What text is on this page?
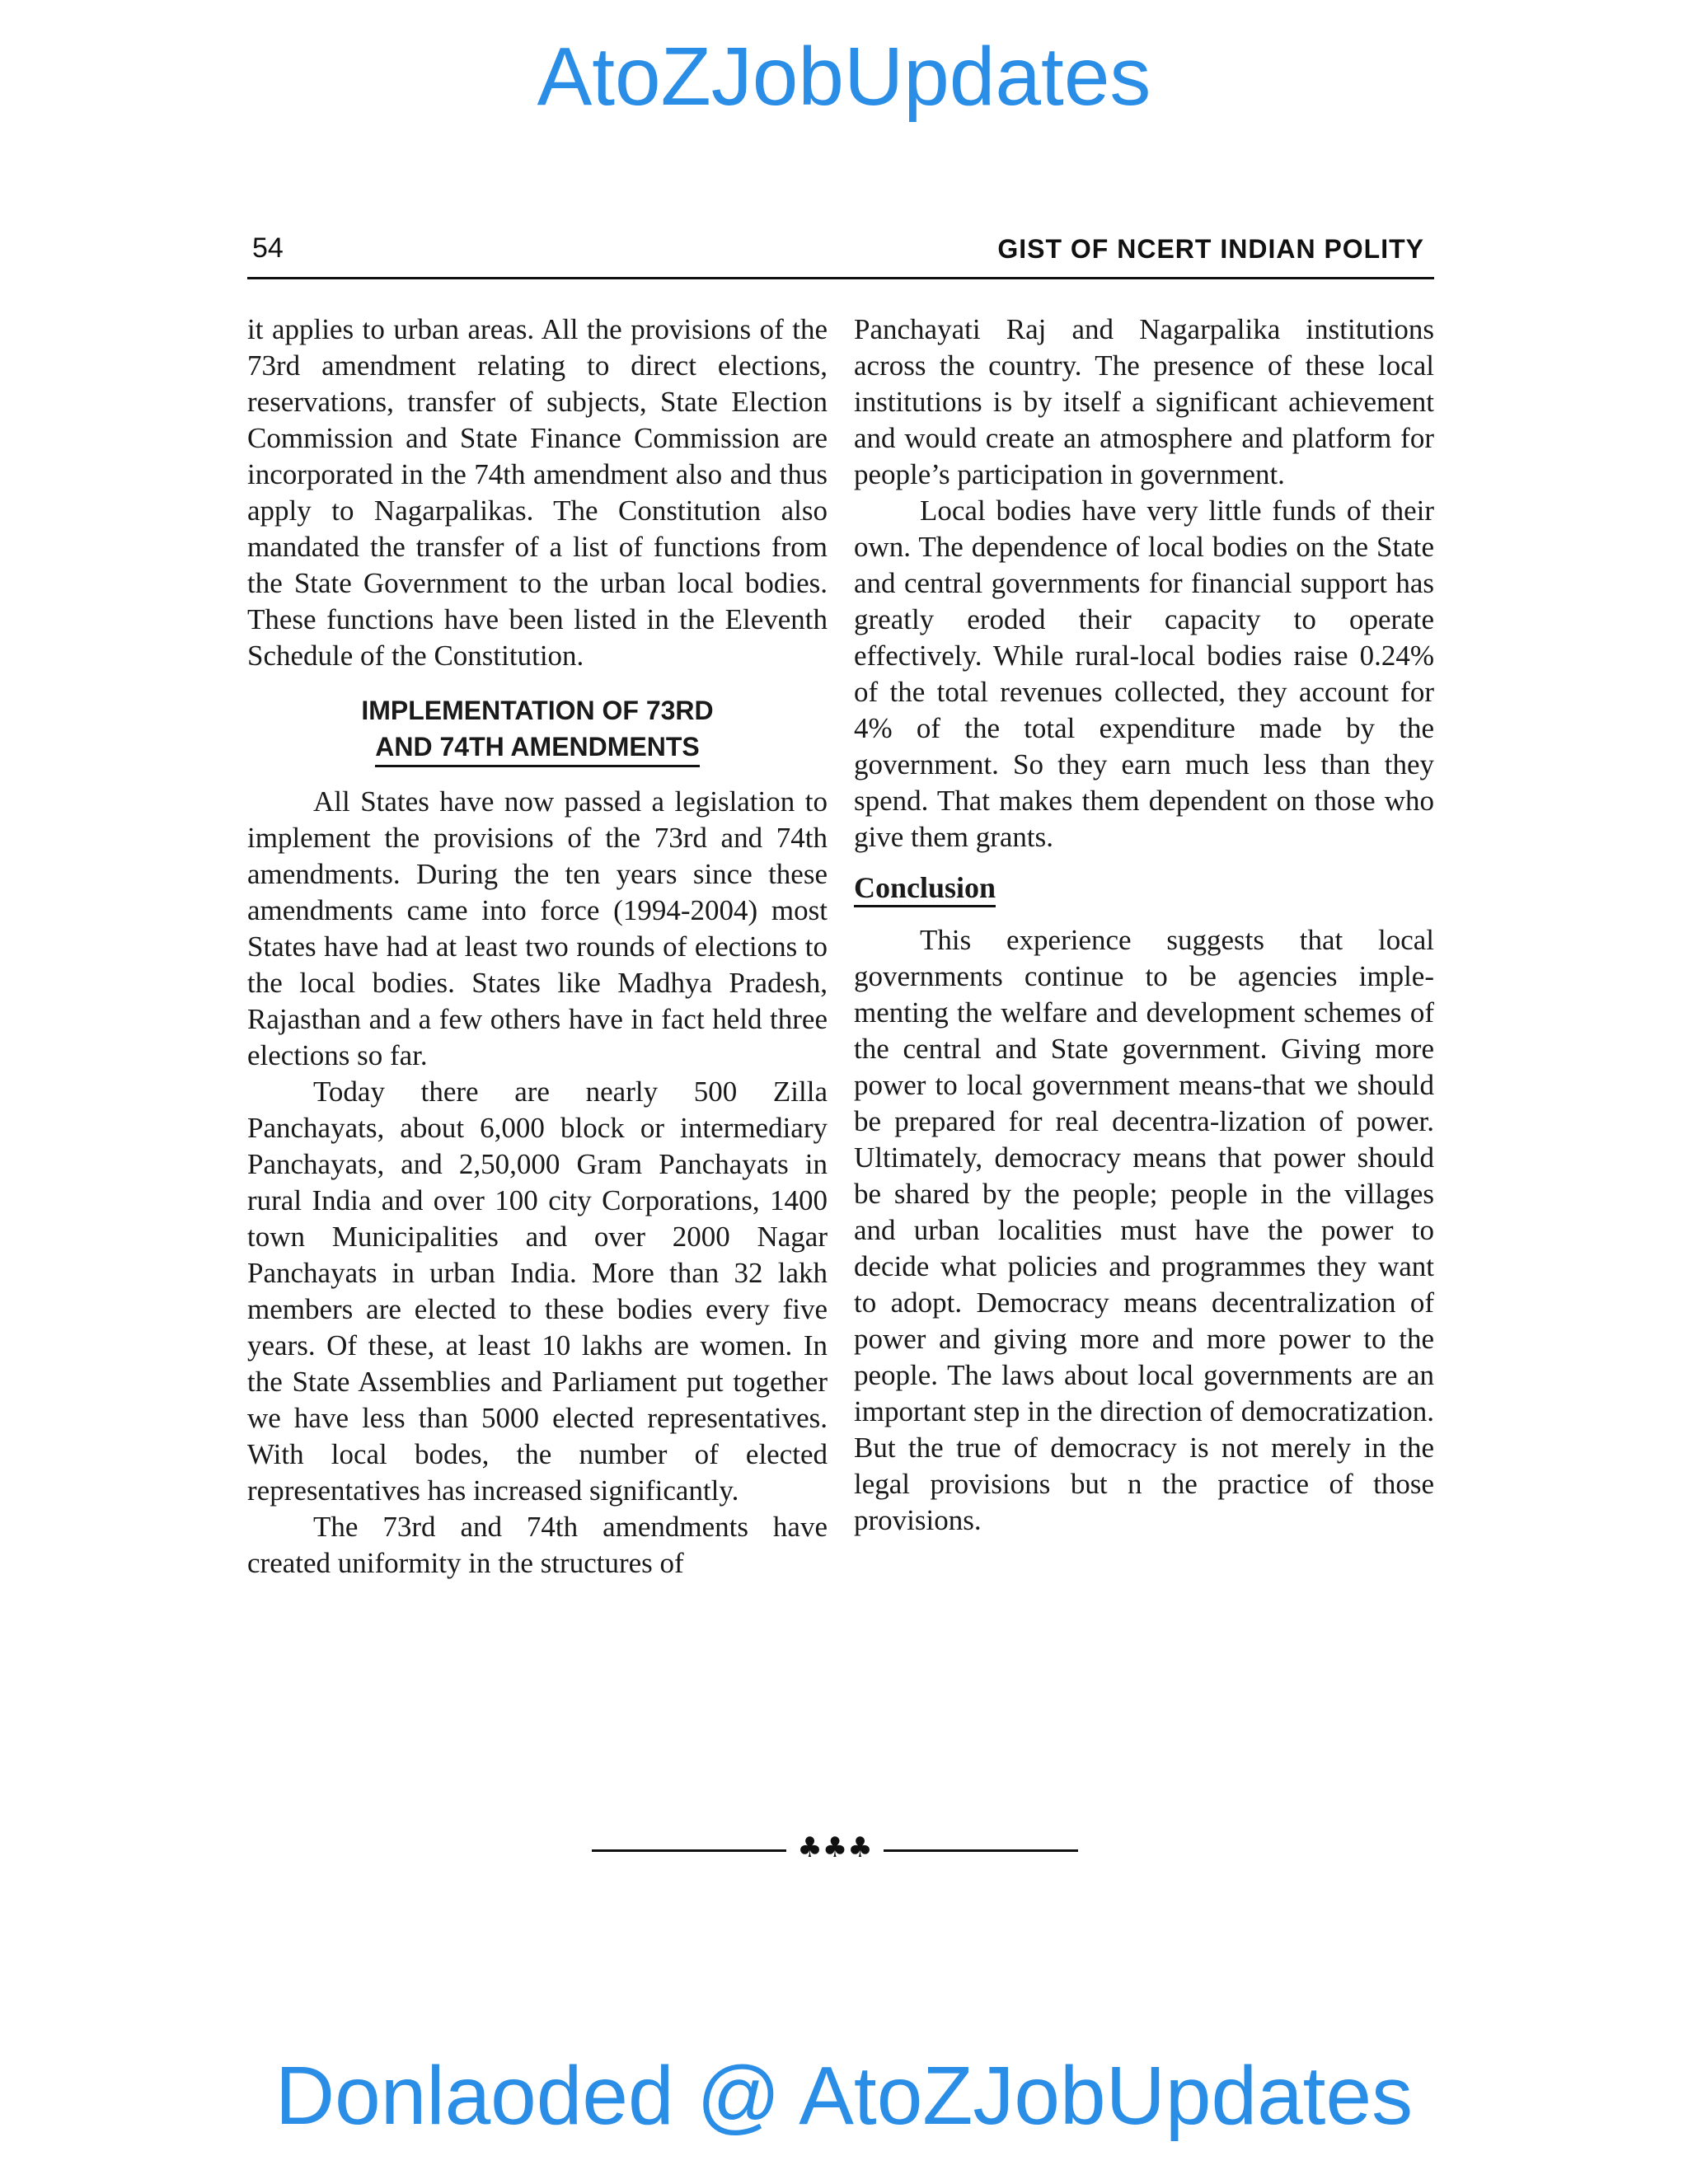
AtoZJobUpdates
54	GIST OF NCERT INDIAN POLITY

it applies to urban areas. All the provisions of the 73rd amendment relating to direct elections, reservations, transfer of subjects, State Election Commission and State Finance Commission are incorporated in the 74th amendment also and thus apply to Nagarpalikas. The Constitution also mandated the transfer of a list of functions from the State Government to the urban local bodies. These functions have been listed in the Eleventh Schedule of the Constitution.

IMPLEMENTATION OF 73RD
AND 74TH AMENDMENTS

All States have now passed a legislation to implement the provisions of the 73rd and 74th amendments. During the ten years since these amendments came into force (1994-2004) most States have had at least two rounds of elections to the local bodies. States like Madhya Pradesh, Rajasthan and a few others have in fact held three elections so far.

Today there are nearly 500 Zilla Panchayats, about 6,000 block or intermediary Panchayats, and 2,50,000 Gram Panchayats in rural India and over 100 city Corporations, 1400 town Municipalities and over 2000 Nagar Panchayats in urban India. More than 32 lakh members are elected to these bodies every five years. Of these, at least 10 lakhs are women. In the State Assemblies and Parliament put together we have less than 5000 elected representatives. With local bodes, the number of elected representatives has increased significantly.

The 73rd and 74th amendments have created uniformity in the structures of

Panchayati Raj and Nagarpalika institutions across the country. The presence of these local institutions is by itself a significant achievement and would create an atmosphere and platform for people’s participation in government.

Local bodies have very little funds of their own. The dependence of local bodies on the State and central governments for financial support has greatly eroded their capacity to operate effectively. While rural-local bodies raise 0.24% of the total revenues collected, they account for 4% of the total expenditure made by the government. So they earn much less than they spend. That makes them dependent on those who give them grants.

Conclusion

This experience suggests that local governments continue to be agencies imple-menting the welfare and development schemes of the central and State government. Giving more power to local government means-that we should be prepared for real decentra-lization of power. Ultimately, democracy means that power should be shared by the people; people in the villages and urban localities must have the power to decide what policies and programmes they want to adopt. Democracy means decentralization of power and giving more and more power to the people. The laws about local governments are an important step in the direction of democratization. But the true of democracy is not merely in the legal provisions but n the practice of those provisions.

♣♣♣
Donlaoded @ AtoZJobUpdates
